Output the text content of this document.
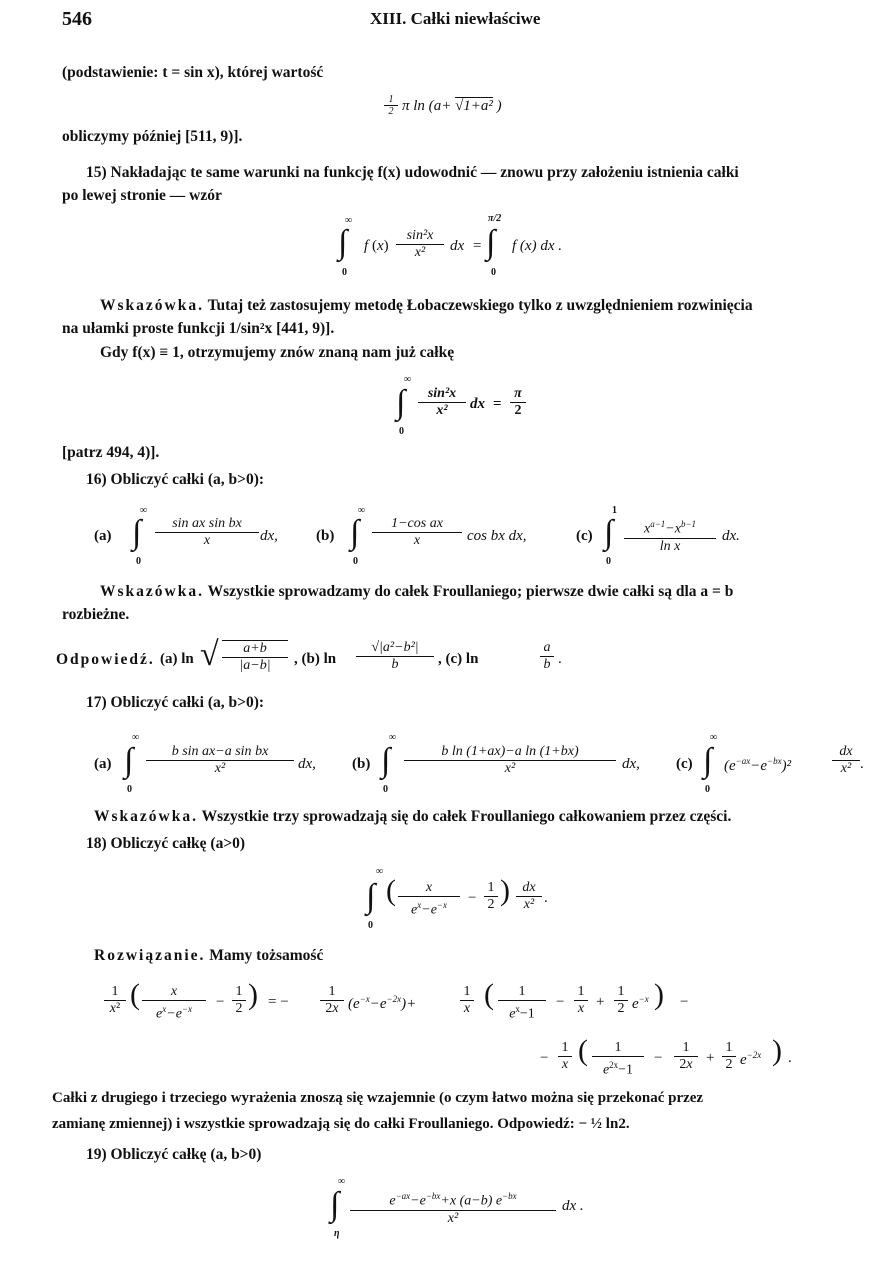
546	XIII. Całki niewłaściwe
(podstawienie: t = sin x), której wartość
$\frac{1}{2}$ π ln (a+ √1+a² )
obliczymy później [511, 9)].
15) Nakładając te same warunki na funkcję f(x) udowodnić — znowu przy założeniu istnienia całki
po lewej stronie — wzór
∞
∫
0
f $(x) \frac{\text{sin²x}}{\text{x²}}$ dx =
π/2
∫
0
f (x) dx .
Wskazówka. Tutaj też zastosujemy metodę Łobaczewskiego tylko z uwzględnieniem rozwinięcia
na ułamki proste funkcji 1/sin²x [441, 9)].
Gdy f(x) ≡ 1, otrzymujemy znów znaną nam już całkę
∞
∫
0
$\frac{\text{sin²x}}{\text{x²}}$ dx = $\frac{\pi}{2}$
[patrz 494, 4)].
16) Obliczyć całki (a, b>0):
(a)
∞
∫
0
$\frac{\text{sin ax sin bx}}{x}$ dx,	(b)
∞
∫
0
$\frac{\text{1−cos ax}}{x}$ cos bx dx,	(c)
1
∫
0
$\frac{x^{a-1}-x^{b-1}}{\text{ln x}}$ dx.
Wskazówka. Wszystkie sprowadzamy do całek Froullaniego; pierwsze dwie całki są dla a = b
rozbieżne.
Odpowiedź. (a) ln √ $\frac{a+b}{|a-b|}$ , (b) $\ln \frac{\text{√|a²−b²|}}{b}$ , (c) ln	$\frac{a}{b}$ .
17) Obliczyć całki (a, b>0):
(a)
∞
∫
0
$\frac{\text{b sin ax−a sin bx}}{\text{x²}}$ dx, (b)
∞
∫
0
$\frac{\text{b ln (1+ax)−a ln (1+bx)}}{\text{x²}}$ dx, (c)
∞
∫
0
$(e^{-ax}-e^{-bx})^2$	$\frac{dx}{\text{x²}}$ .
Wskazówka. Wszystkie trzy sprowadzają się do całek Froullaniego całkowaniem przez części.
18) Obliczyć całkę (a>0)
∞
∫
0
( $\frac{x}{e^x-e^{-x}} - \frac{1}{2}$ ) $\frac{dx}{\text{x²}}$ .
Rozwiązanie. Mamy tożsamość
$\frac{1}{\text{x²}}$ ( $\frac{x}{e^x-e^{-x}} - \frac{1}{2}$ ) = − $\frac{1}{2x} (e^{-x}-e^{-2x})+$	$\frac{1}{x}$ ( $\frac{1}{e^x-1} - \frac{1}{x} + \frac{1}{2} e^{-x}$ ) −
− $\frac{1}{x}$ ( $\frac{1}{e^{2x}-1} - \frac{1}{2x} + \frac{1}{2} e^{-2x}$ ) .
Całki z drugiego i trzeciego wyrażenia znoszą się wzajemnie (o czym łatwo można się przekonać przez
zamianę zmiennej) i wszystkie sprowadzają się do całki Froullaniego. Odpowiedź: − ½ ln2.
19) Obliczyć całkę (a, b>0)
∞
∫
η
$\frac{e^{-ax}-e^{-bx}+x (a-b) e^{-bx}}{\text{x²}}$ dx .
